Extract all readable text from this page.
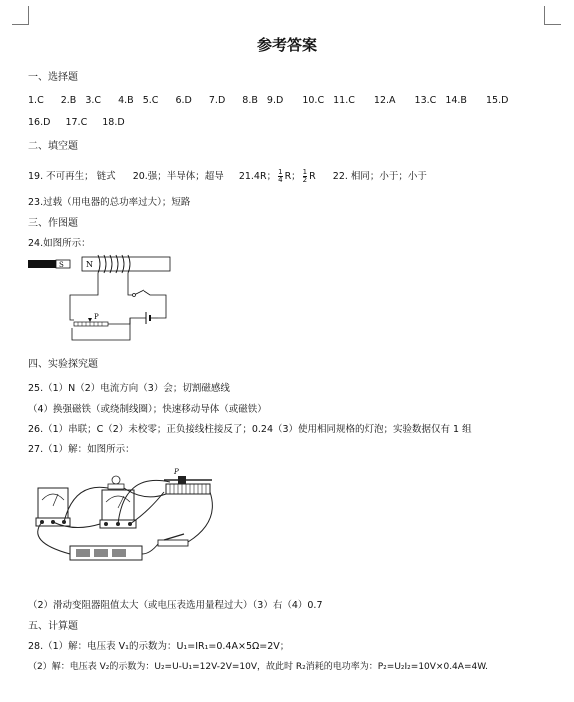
参考答案
一、选择题
1.C 2.B 3.C 4.B 5.C 6.D 7.D 8.B 9.D 10.C 11.C 12.A 13.C 14.B 15.D
16.D 17.C 18.D
二、填空题
19. 不可再生； 链式 20.强；半导体；超导 21.4R； $\frac{1}{4}$ R； $\frac{1}{2}$ R 22. 相同；小于；小于
23.过载（用电器的总功率过大）；短路
三、作图题
24.如图所示：
S	N
P
四、实验探究题
25.（1）N（2）电流方向（3）会；切割磁感线
（4）换强磁铁（或绕制线圈）；快速移动导体（或磁铁）
26.（1）串联；C（2）未校零；正负接线柱接反了；0.24（3）使用相同规格的灯泡；实验数据仅有 1 组
27.（1）解：如图所示：
P
（2）滑动变阻器阻值太大（或电压表选用量程过大）（3）右（4）0.7
五、计算题
28.（1）解：电压表 V₁的示数为：U₁=IR₁=0.4A×5Ω=2V；
（2）解：电压表 V₂的示数为：U₂=U-U₁=12V-2V=10V，故此时 R₂消耗的电功率为：P₂=U₂I₂=10V×0.4A=4W.
